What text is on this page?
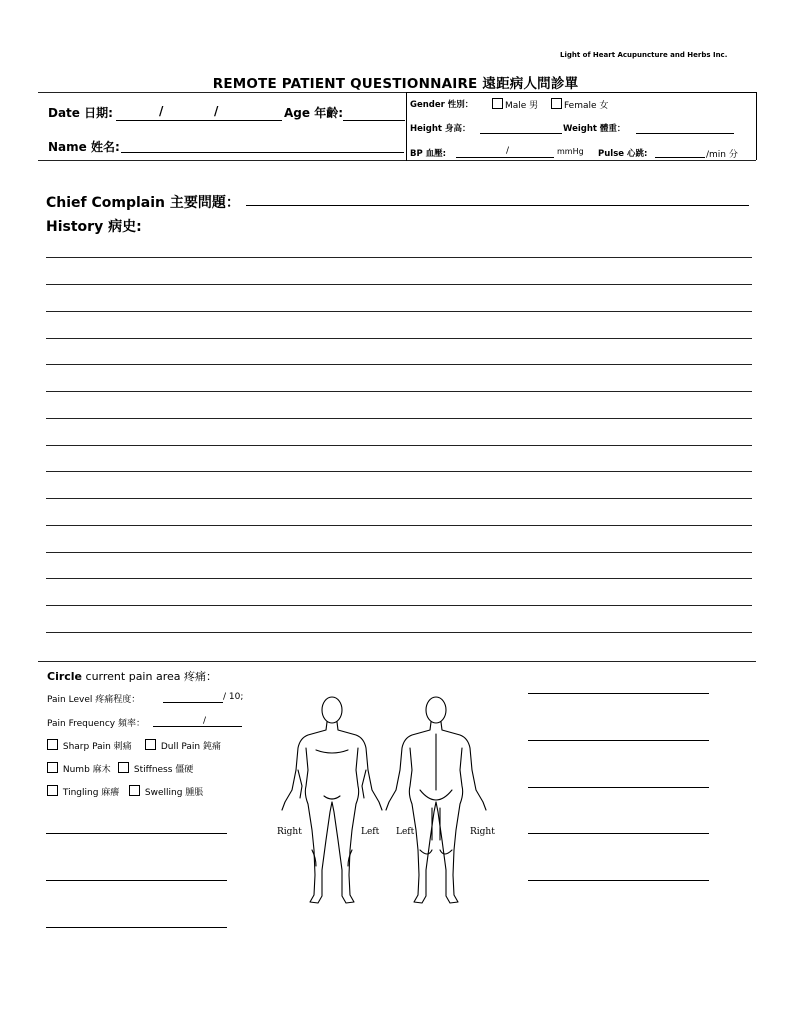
Light of Heart Acupuncture and Herbs Inc.
REMOTE PATIENT QUESTIONNAIRE 遠距病人問診單
Date 日期:	/	/	Age 年齡:
Name 姓名:
Gender 性別：	Male 男	Female 女
Height 身高：	Weight 體重：
BP 血壓:	/	mmHg Pulse 心跳:	/min 分
Chief Complain 主要問題：
History 病史:
Circle current pain area 疼痛：
Pain Level 疼痛程度：	/ 10;
Pain Frequency 頻率：	/
Sharp Pain 刺痛	Dull Pain 鈍痛
Numb 麻木	Stiffness 僵硬
Tingling 麻癢	Swelling 腫脹
Right	Left Left	Right
